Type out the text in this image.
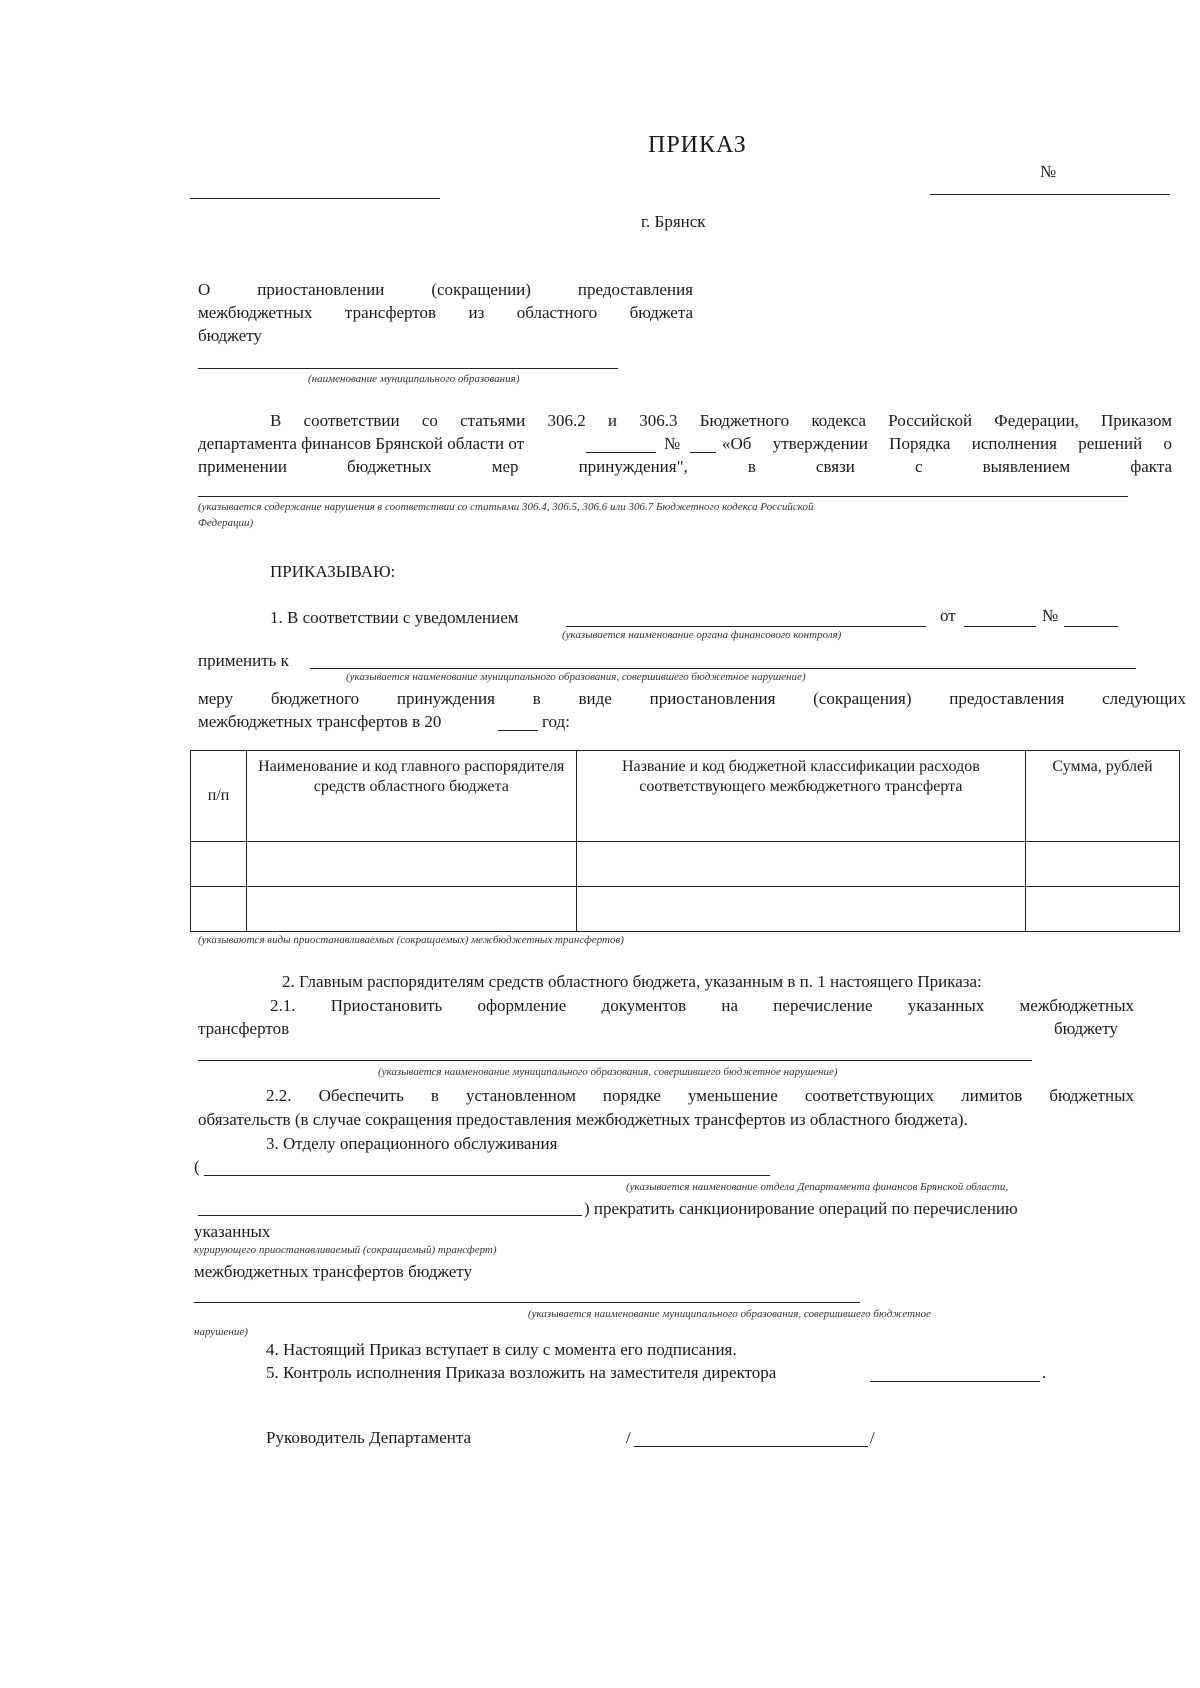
ПРИКАЗ
№
г. Брянск
О приостановлении (сокращении) предоставления
межбюджетных трансфертов из областного бюджета
бюджету
(наименование муниципального образования)
В соответствии со статьями 306.2 и 306.3 Бюджетного кодекса Российской Федерации, Приказом
департамента финансов Брянской области от	№ «Об утверждении Порядка исполнения решений о
применении бюджетных мер принуждения", в связи с выявлением факта
(указывается содержание нарушения в соответствии со статьями 306.4, 306.5, 306.6 или 306.7 Бюджетного кодекса Российской
Федерации)
ПРИКАЗЫВАЮ:
1. В соответствии с уведомлением	от	№
(указывается наименование органа финансового контроля)
применить к
(указывается наименование муниципального образования, совершившего бюджетное нарушение)
меру бюджетного принуждения в виде приостановления (сокращения) предоставления следующих
межбюджетных трансфертов в 20	год:
п/п	Наименование и код главного распорядителя средств областного бюджета	Название и код бюджетной классификации расходов соответствующего межбюджетного трансферта	Сумма, рублей

(указываются виды приостанавливаемых (сокращаемых) межбюджетных трансфертов)
2. Главным распорядителям средств областного бюджета, указанным в п. 1 настоящего Приказа:
2.1. Приостановить оформление документов на перечисление указанных межбюджетных
трансфертов	бюджету
(указывается наименование муниципального образования, совершившего бюджетное нарушение)
2.2. Обеспечить в установленном порядке уменьшение соответствующих лимитов бюджетных
обязательств (в случае сокращения предоставления межбюджетных трансфертов из областного бюджета).
3. Отделу операционного обслуживания
(
(указывается наименование отдела Департамента финансов Брянской области,
) прекратить санкционирование операций по перечислению
указанных
курирующего приостанавливаемый (сокращаемый) трансферт)
межбюджетных трансфертов бюджету
(указывается наименование муниципального образования, совершившего бюджетное
нарушение)
4. Настоящий Приказ вступает в силу с момента его подписания.
5. Контроль исполнения Приказа возложить на заместителя директора	.
Руководитель Департамента	/	/
